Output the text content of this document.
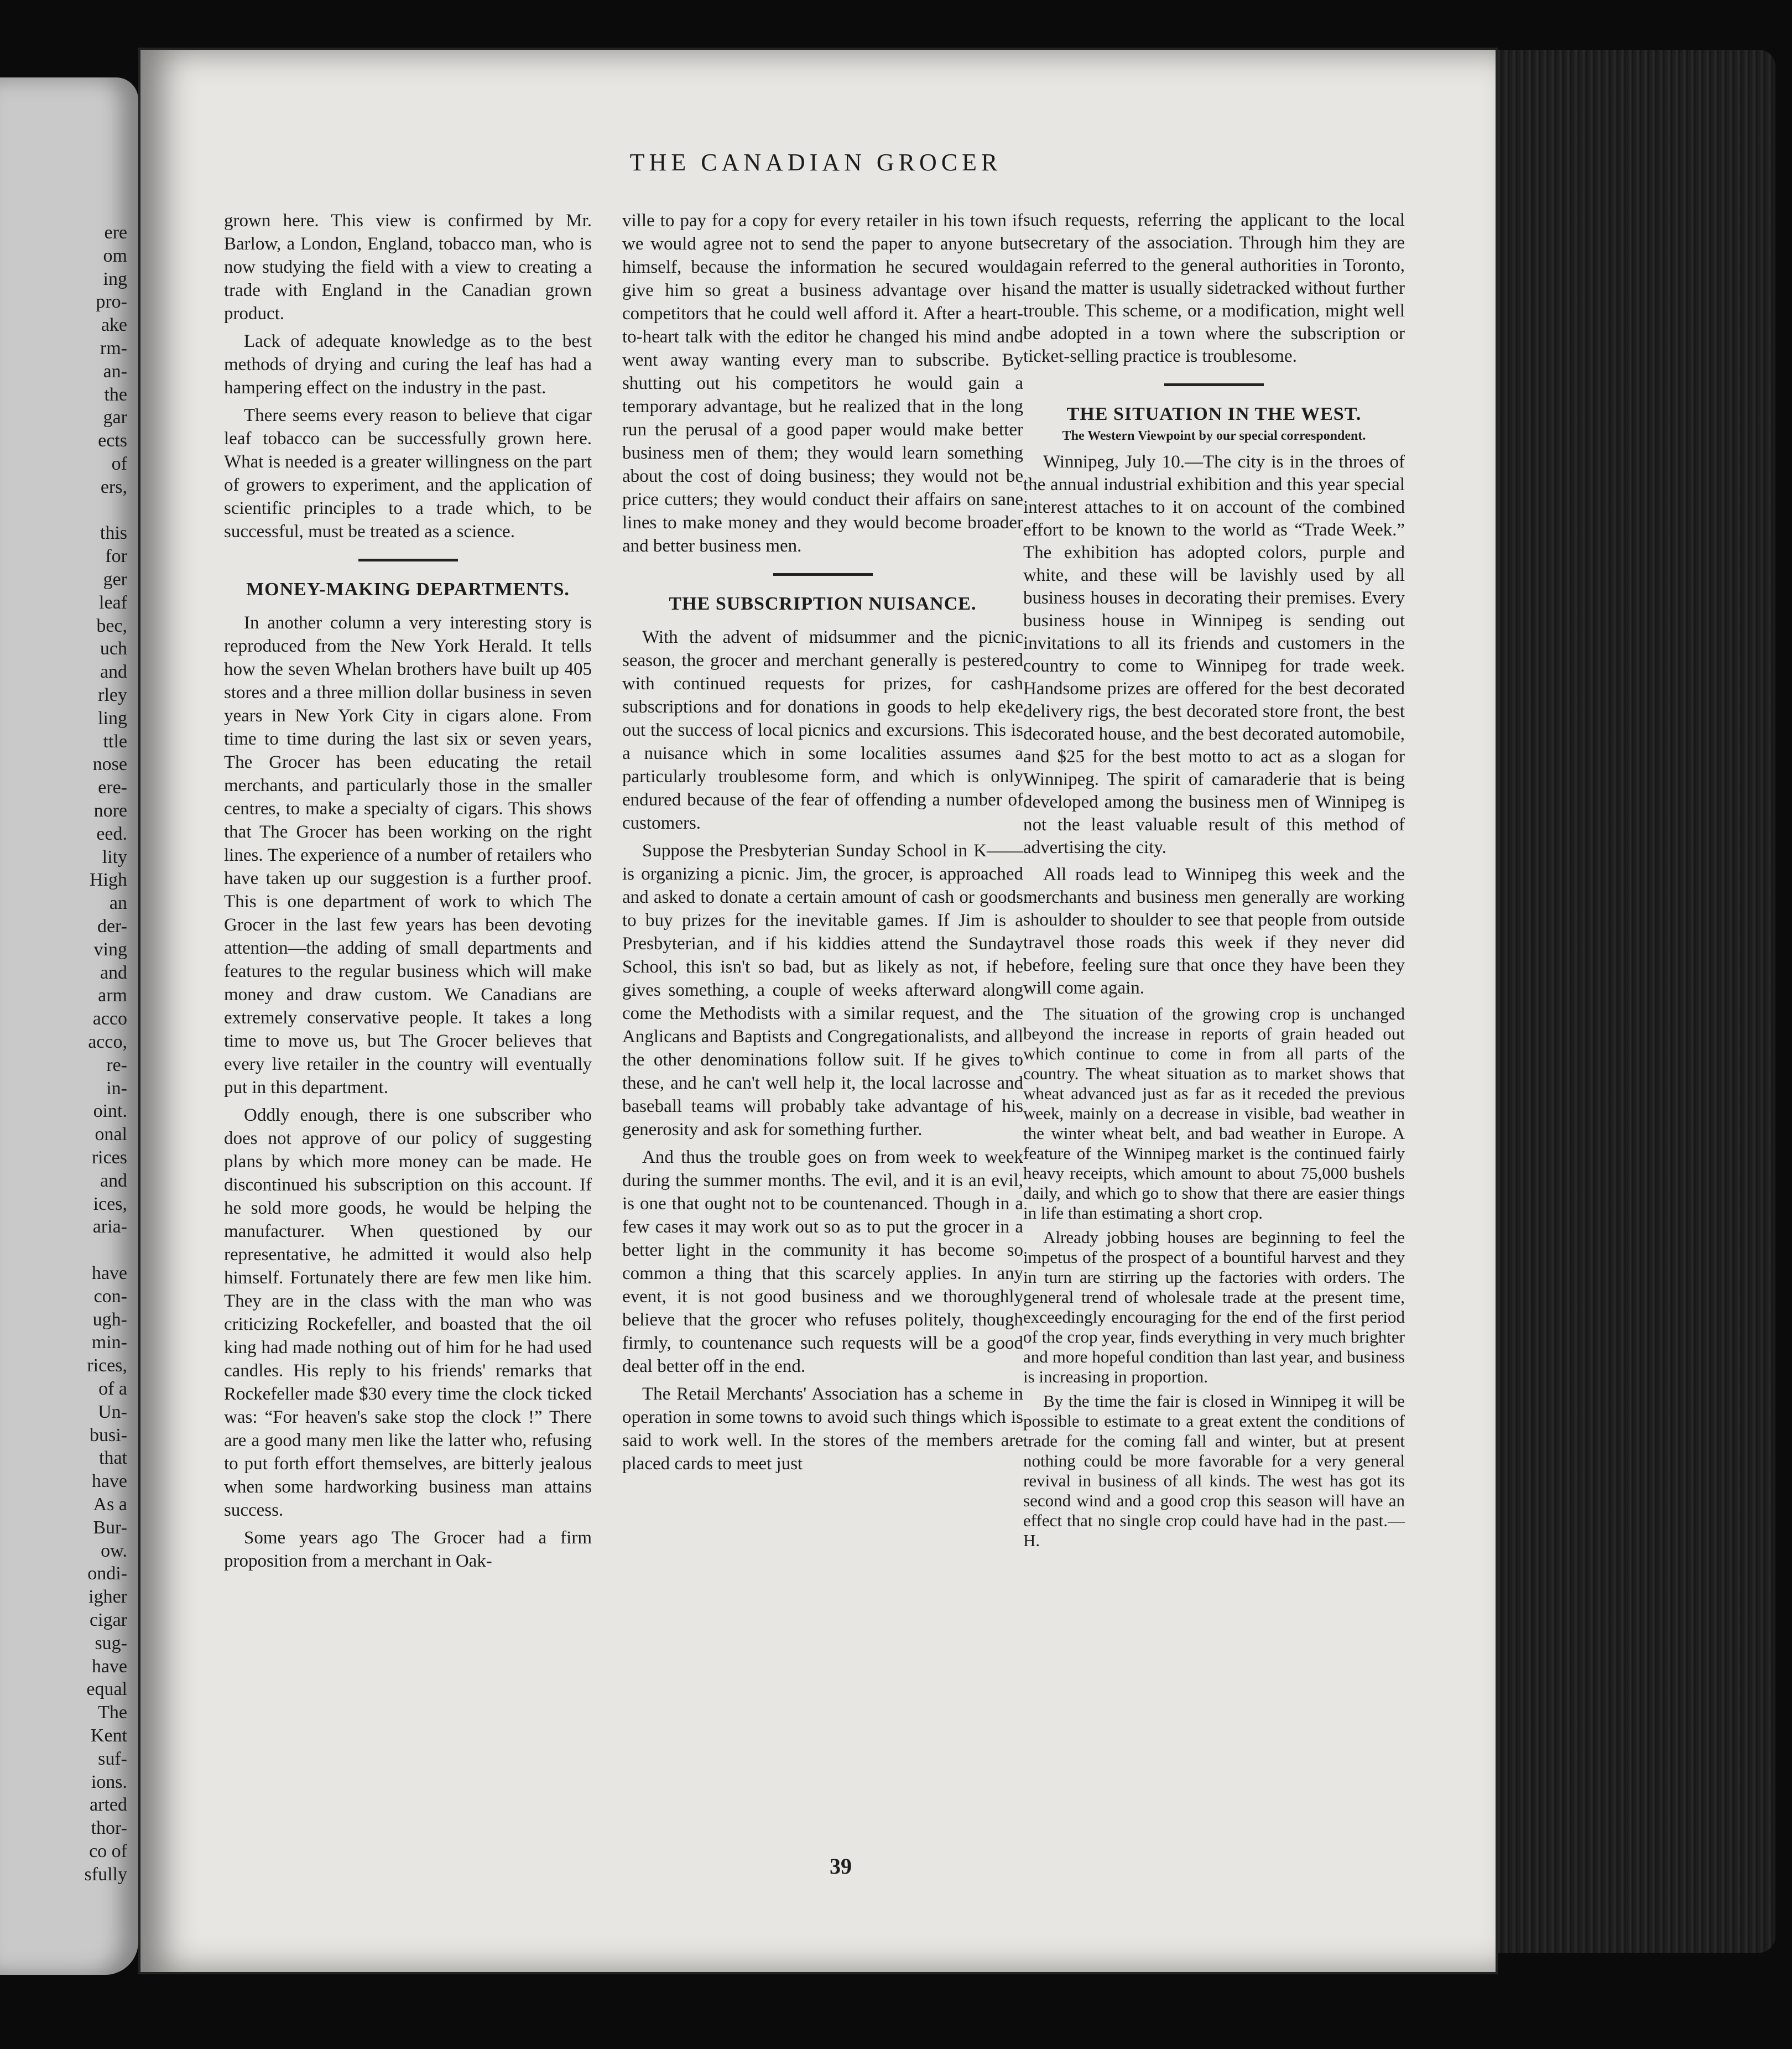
ere
om
ing
pro-
ake
rm-
an-
the
gar
ects
of
ers,
this
for
ger
leaf
bec,
uch
and
rley
ling
ttle
nose
ere-
nore
eed.
lity
High
an
der-
ving
and
arm
acco
acco,
re-
in-
oint.
onal
rices
and
ices,
aria-
have
con-
ugh-
min-
rices,
of a
Un-
busi-
that
have
As a
Bur-
ow.
ondi-
igher
cigar
sug-
have
equal
The
Kent
suf-
ions.
arted
thor-
co of
sfully
THE CANADIAN GROCER

grown here. This view is confirmed by Mr. Barlow, a London, England, tobacco man, who is now studying the field with a view to creating a trade with England in the Canadian grown product.

Lack of adequate knowledge as to the best methods of drying and curing the leaf has had a hampering effect on the industry in the past.

There seems every reason to believe that cigar leaf tobacco can be successfully grown here. What is needed is a greater willingness on the part of growers to experiment, and the application of scientific principles to a trade which, to be successful, must be treated as a science.

MONEY-MAKING DEPARTMENTS.

In another column a very interesting story is reproduced from the New York Herald. It tells how the seven Whelan brothers have built up 405 stores and a three million dollar business in seven years in New York City in cigars alone. From time to time during the last six or seven years, The Grocer has been educating the retail merchants, and particularly those in the smaller centres, to make a specialty of cigars. This shows that The Grocer has been working on the right lines. The experience of a number of retailers who have taken up our suggestion is a further proof. This is one department of work to which The Grocer in the last few years has been devoting attention—the adding of small departments and features to the regular business which will make money and draw custom. We Canadians are extremely conservative people. It takes a long time to move us, but The Grocer believes that every live retailer in the country will eventually put in this department.

Oddly enough, there is one subscriber who does not approve of our policy of suggesting plans by which more money can be made. He discontinued his subscription on this account. If he sold more goods, he would be helping the manufacturer. When questioned by our representative, he admitted it would also help himself. Fortunately there are few men like him. They are in the class with the man who was criticizing Rockefeller, and boasted that the oil king had made nothing out of him for he had used candles. His reply to his friends' remarks that Rockefeller made $30 every time the clock ticked was: “For heaven's sake stop the clock !” There are a good many men like the latter who, refusing to put forth effort themselves, are bitterly jealous when some hardworking business man attains success.

Some years ago The Grocer had a firm proposition from a merchant in Oak-

ville to pay for a copy for every retailer in his town if we would agree not to send the paper to anyone but himself, because the information he secured would give him so great a business advantage over his competitors that he could well afford it. After a heart-to-heart talk with the editor he changed his mind and went away wanting every man to subscribe. By shutting out his competitors he would gain a temporary advantage, but he realized that in the long run the perusal of a good paper would make better business men of them; they would learn something about the cost of doing business; they would not be price cutters; they would conduct their affairs on sane lines to make money and they would become broader and better business men.

THE SUBSCRIPTION NUISANCE.

With the advent of midsummer and the picnic season, the grocer and merchant generally is pestered with continued requests for prizes, for cash subscriptions and for donations in goods to help eke out the success of local picnics and excursions. This is a nuisance which in some localities assumes a particularly troublesome form, and which is only endured because of the fear of offending a number of customers.

Suppose the Presbyterian Sunday School in K—— is organizing a picnic. Jim, the grocer, is approached and asked to donate a certain amount of cash or goods to buy prizes for the inevitable games. If Jim is a Presbyterian, and if his kiddies attend the Sunday School, this isn't so bad, but as likely as not, if he gives something, a couple of weeks afterward along come the Methodists with a similar request, and the Anglicans and Baptists and Congregationalists, and all the other denominations follow suit. If he gives to these, and he can't well help it, the local lacrosse and baseball teams will probably take advantage of his generosity and ask for something further.

And thus the trouble goes on from week to week during the summer months. The evil, and it is an evil, is one that ought not to be countenanced. Though in a few cases it may work out so as to put the grocer in a better light in the community it has become so common a thing that this scarcely applies. In any event, it is not good business and we thoroughly believe that the grocer who refuses politely, though firmly, to countenance such requests will be a good deal better off in the end.

The Retail Merchants' Association has a scheme in operation in some towns to avoid such things which is said to work well. In the stores of the members are placed cards to meet just

such requests, referring the applicant to the local secretary of the association. Through him they are again referred to the general authorities in Toronto, and the matter is usually sidetracked without further trouble. This scheme, or a modification, might well be adopted in a town where the subscription or ticket-selling practice is troublesome.

THE SITUATION IN THE WEST.
The Western Viewpoint by our special correspondent.

Winnipeg, July 10.—The city is in the throes of the annual industrial exhibition and this year special interest attaches to it on account of the combined effort to be known to the world as “Trade Week.” The exhibition has adopted colors, purple and white, and these will be lavishly used by all business houses in decorating their premises. Every business house in Winnipeg is sending out invitations to all its friends and customers in the country to come to Winnipeg for trade week. Handsome prizes are offered for the best decorated delivery rigs, the best decorated store front, the best decorated house, and the best decorated automobile, and $25 for the best motto to act as a slogan for Winnipeg. The spirit of camaraderie that is being developed among the business men of Winnipeg is not the least valuable result of this method of advertising the city.

All roads lead to Winnipeg this week and the merchants and business men generally are working shoulder to shoulder to see that people from outside travel those roads this week if they never did before, feeling sure that once they have been they will come again.

The situation of the growing crop is unchanged beyond the increase in reports of grain headed out which continue to come in from all parts of the country. The wheat situation as to market shows that wheat advanced just as far as it receded the previous week, mainly on a decrease in visible, bad weather in the winter wheat belt, and bad weather in Europe. A feature of the Winnipeg market is the continued fairly heavy receipts, which amount to about 75,000 bushels daily, and which go to show that there are easier things in life than estimating a short crop.

Already jobbing houses are beginning to feel the impetus of the prospect of a bountiful harvest and they in turn are stirring up the factories with orders. The general trend of wholesale trade at the present time, exceedingly encouraging for the end of the first period of the crop year, finds everything in very much brighter and more hopeful condition than last year, and business is increasing in proportion.

By the time the fair is closed in Winnipeg it will be possible to estimate to a great extent the conditions of trade for the coming fall and winter, but at present nothing could be more favorable for a very general revival in business of all kinds. The west has got its second wind and a good crop this season will have an effect that no single crop could have had in the past.—H.

39
